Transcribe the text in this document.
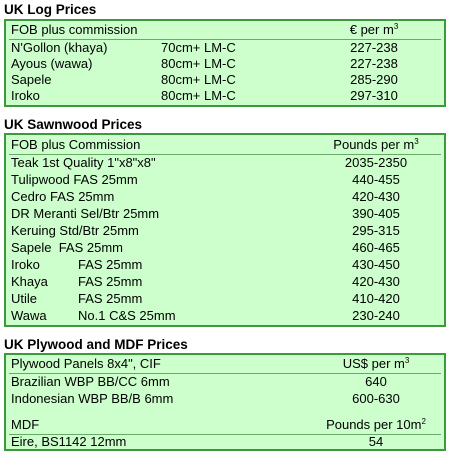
UK Log Prices
FOB plus commission	€ per $m^3$
N'Gollon (khaya)	70cm+ LM-C	227-238
Ayous (wawa)	80cm+ LM-C	227-238
Sapele	80cm+ LM-C	285-290
Iroko	80cm+ LM-C	297-310
UK Sawnwood Prices
FOB plus Commission	Pounds per $m^3$
Teak 1st Quality 1"x8"x8"	2035-2350
Tulipwood FAS 25mm	440-455
Cedro FAS 25mm	420-430
DR Meranti Sel/Btr 25mm	390-405
Keruing Std/Btr 25mm	295-315
Sapele  FAS 25mm	460-465
Iroko	FAS 25mm	430-450
Khaya FAS 25mm	420-430
Utile	FAS 25mm	410-420
Wawa No.1 C&S 25mm	230-240
UK Plywood and MDF Prices
Plywood Panels 8x4", CIF	US$ per $m^3$
Brazilian WBP BB/CC 6mm	640
Indonesian WBP BB/B 6mm	600-630
MDF	Pounds per $10m^2$
Eire, BS1142 12mm	54
